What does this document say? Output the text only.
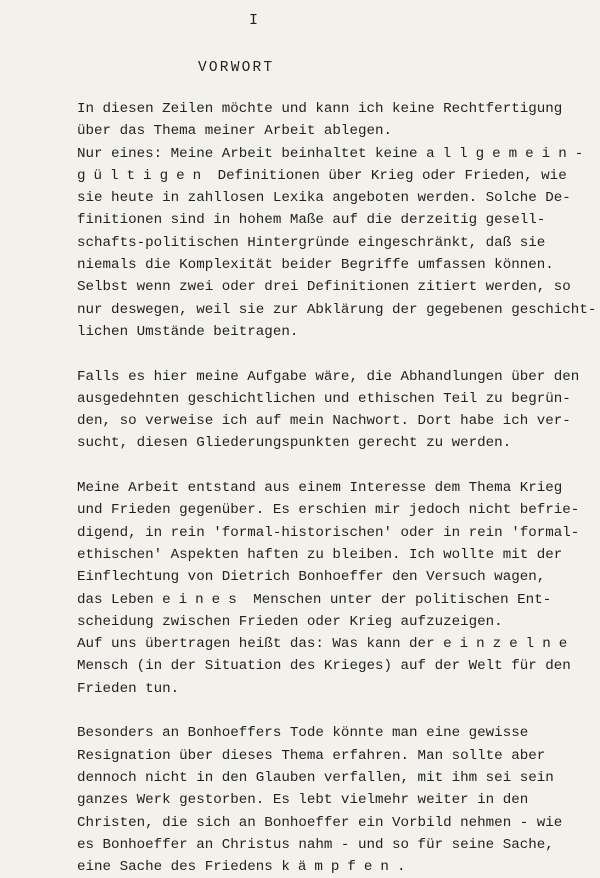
I
VORWORT
In diesen Zeilen möchte und kann ich keine Rechtfertigung
über das Thema meiner Arbeit ablegen.
Nur eines: Meine Arbeit beinhaltet keine allgemein-
gültigen Definitionen über Krieg oder Frieden, wie
sie heute in zahllosen Lexika angeboten werden. Solche De-
finitionen sind in hohem Maße auf die derzeitig gesell-
schafts-politischen Hintergründe eingeschränkt, daß sie
niemals die Komplexität beider Begriffe umfassen können.
Selbst wenn zwei oder drei Definitionen zitiert werden, so
nur deswegen, weil sie zur Abklärung der gegebenen geschicht-
lichen Umstände beitragen.
Falls es hier meine Aufgabe wäre, die Abhandlungen über den
ausgedehnten geschichtlichen und ethischen Teil zu begrün-
den, so verweise ich auf mein Nachwort. Dort habe ich ver-
sucht, diesen Gliederungspunkten gerecht zu werden.
Meine Arbeit entstand aus einem Interesse dem Thema Krieg
und Frieden gegenüber. Es erschien mir jedoch nicht befrie-
digend, in rein 'formal-historischen' oder in rein 'formal-
ethischen' Aspekten haften zu bleiben. Ich wollte mit der
Einflechtung von Dietrich Bonhoeffer den Versuch wagen,
das Leben eines Menschen unter der politischen Ent-
scheidung zwischen Frieden oder Krieg aufzuzeigen.
Auf uns übertragen heißt das: Was kann der einzelne
Mensch (in der Situation des Krieges) auf der Welt für den
Frieden tun.
Besonders an Bonhoeffers Tode könnte man eine gewisse
Resignation über dieses Thema erfahren. Man sollte aber
dennoch nicht in den Glauben verfallen, mit ihm sei sein
ganzes Werk gestorben. Es lebt vielmehr weiter in den
Christen, die sich an Bonhoeffer ein Vorbild nehmen - wie
es Bonhoeffer an Christus nahm - und so für seine Sache,
eine Sache des Friedens kämpfen.
